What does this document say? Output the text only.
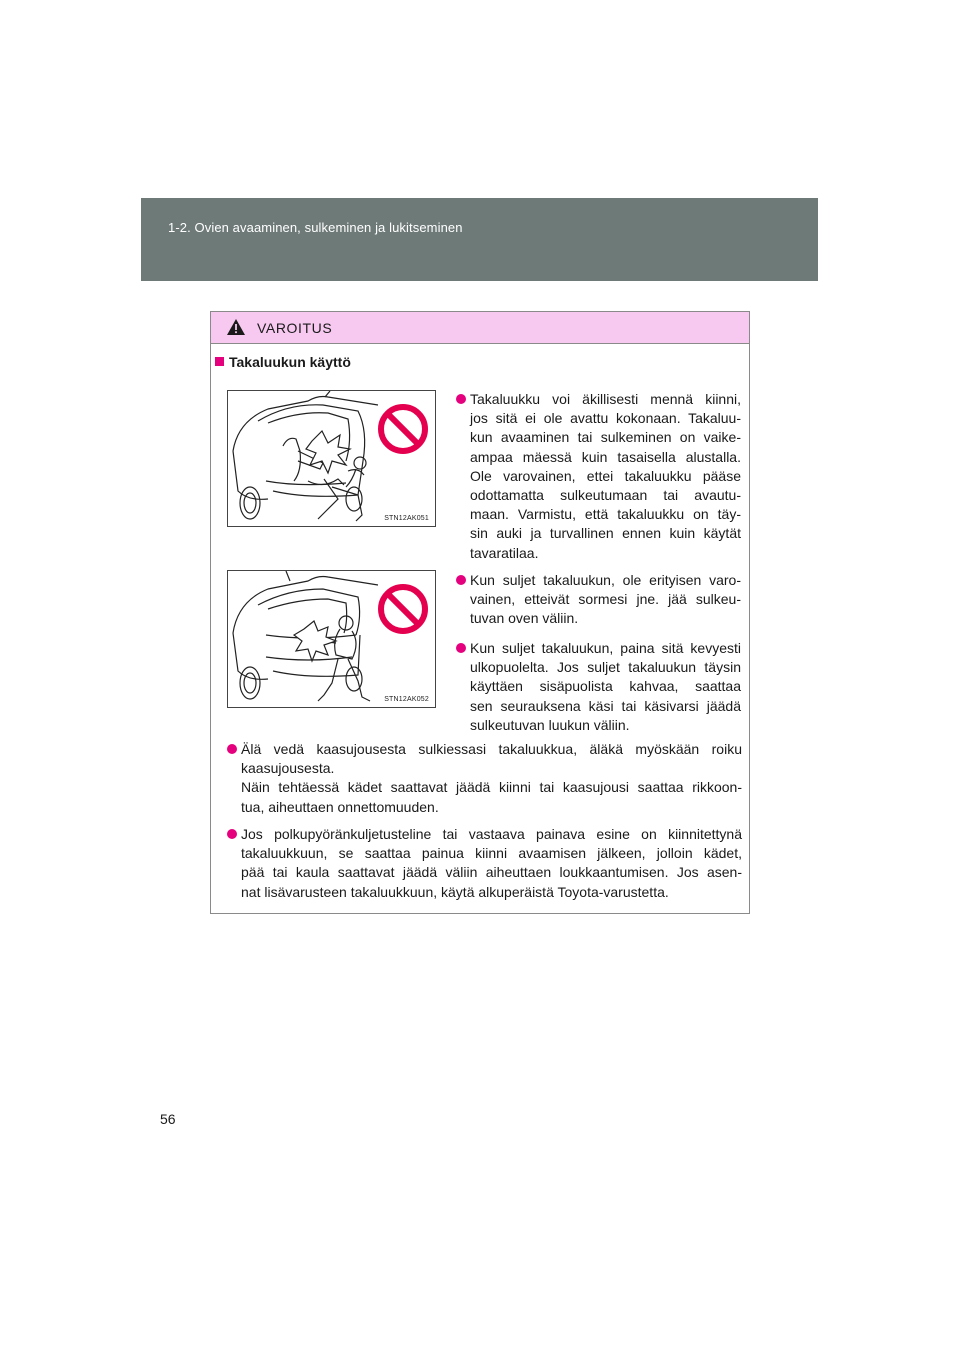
1-2. Ovien avaaminen, sulkeminen ja lukitseminen
VAROITUS
Takaluukun käyttö
STN12AK051
STN12AK052

Takaluukku voi äkillisesti mennä kiinni,

jos sitä ei ole avattu kokonaan. Takaluu-

kun avaaminen tai sulkeminen on vaike-

ampaa mäessä kuin tasaisella alustalla.

Ole varovainen, ettei takaluukku pääse

odottamatta sulkeutumaan tai avautu-

maan. Varmistu, että takaluukku on täy-

sin auki ja turvallinen ennen kuin käytät

tavaratilaa.

Kun suljet takaluukun, ole erityisen varo-

vainen, etteivät sormesi jne. jää sulkeu-

tuvan oven väliin.

Kun suljet takaluukun, paina sitä kevyesti

ulkopuolelta. Jos suljet takaluukun täysin

käyttäen sisäpuolista kahvaa, saattaa

sen seurauksena käsi tai käsivarsi jäädä

sulkeutuvan luukun väliin.

Älä vedä kaasujousesta sulkiessasi takaluukkua, äläkä myöskään roiku

kaasujousesta.

Näin tehtäessä kädet saattavat jäädä kiinni tai kaasujousi saattaa rikkoon-

tua, aiheuttaen onnettomuuden.

Jos polkupyöränkuljetusteline tai vastaava painava esine on kiinnitettynä

takaluukkuun, se saattaa painua kiinni avaamisen jälkeen, jolloin kädet,

pää tai kaula saattavat jäädä väliin aiheuttaen loukkaantumisen. Jos asen-

nat lisävarusteen takaluukkuun, käytä alkuperäistä Toyota-varustetta.

56
